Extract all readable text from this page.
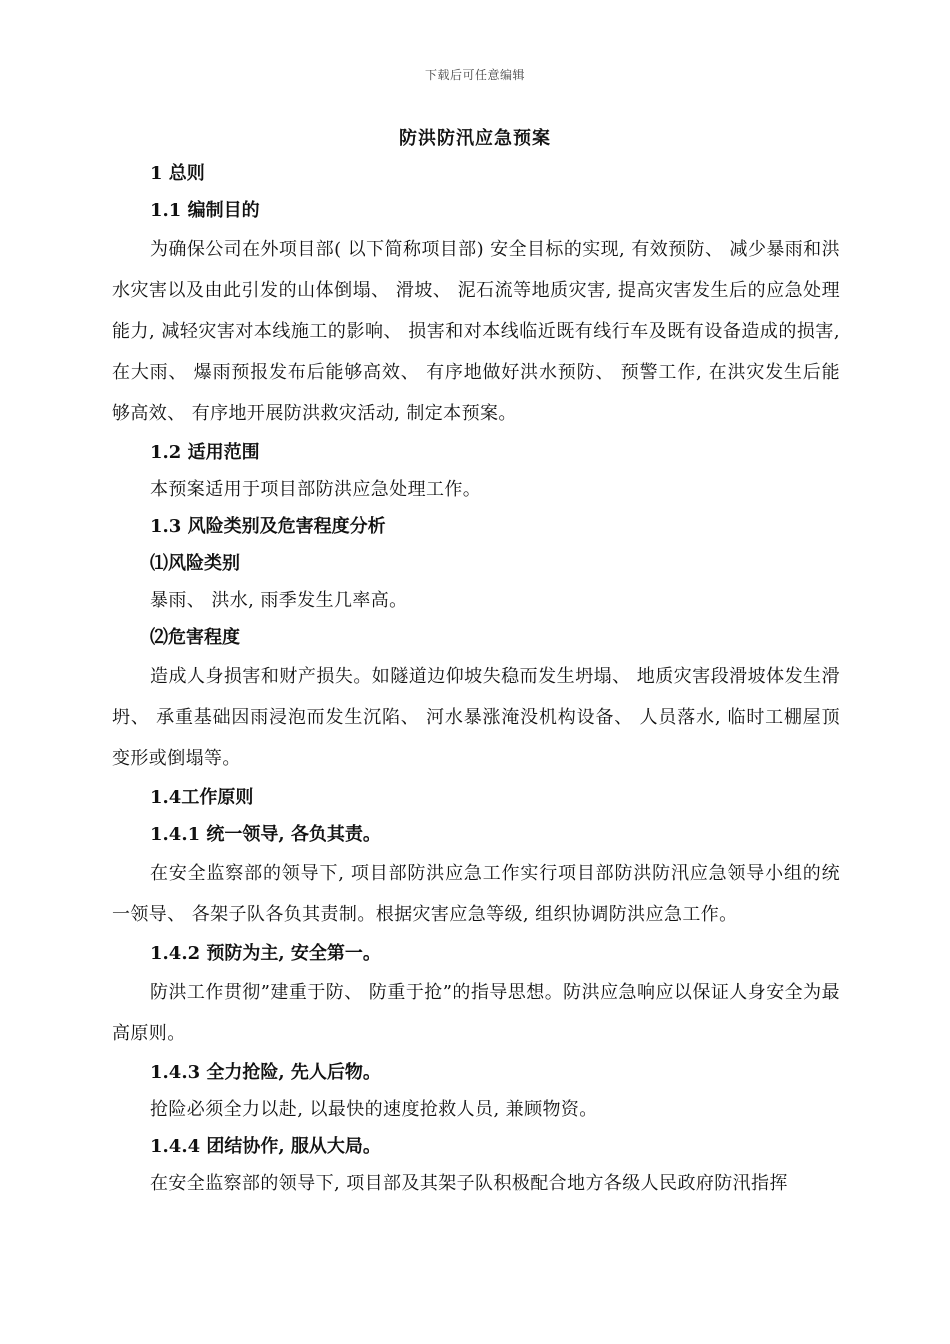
下载后可任意编辑
防洪防汛应急预案

1 总则

1.1 编制目的

为确保公司在外项目部( 以下简称项目部) 安全目标的实现, 有效预防、 减少暴雨和洪水灾害以及由此引发的山体倒塌、 滑坡、 泥石流等地质灾害, 提高灾害发生后的应急处理能力, 减轻灾害对本线施工的影响、 损害和对本线临近既有线行车及既有设备造成的损害, 在大雨、 爆雨预报发布后能够高效、 有序地做好洪水预防、 预警工作, 在洪灾发生后能够高效、 有序地开展防洪救灾活动, 制定本预案。

1.2 适用范围

本预案适用于项目部防洪应急处理工作。

1.3 风险类别及危害程度分析

⑴风险类别

暴雨、 洪水, 雨季发生几率高。

⑵危害程度

造成人身损害和财产损失。如隧道边仰坡失稳而发生坍塌、 地质灾害段滑坡体发生滑坍、 承重基础因雨浸泡而发生沉陷、 河水暴涨淹没机构设备、 人员落水, 临时工棚屋顶变形或倒塌等。

1.4工作原则

1.4.1 统一领导, 各负其责。

在安全监察部的领导下, 项目部防洪应急工作实行项目部防洪防汛应急领导小组的统一领导、 各架子队各负其责制。根据灾害应急等级, 组织协调防洪应急工作。

1.4.2 预防为主, 安全第一。

防洪工作贯彻”建重于防、 防重于抢”的指导思想。防洪应急响应以保证人身安全为最高原则。

1.4.3 全力抢险, 先人后物。

抢险必须全力以赴, 以最快的速度抢救人员, 兼顾物资。

1.4.4 团结协作, 服从大局。

在安全监察部的领导下, 项目部及其架子队积极配合地方各级人民政府防汛指挥
